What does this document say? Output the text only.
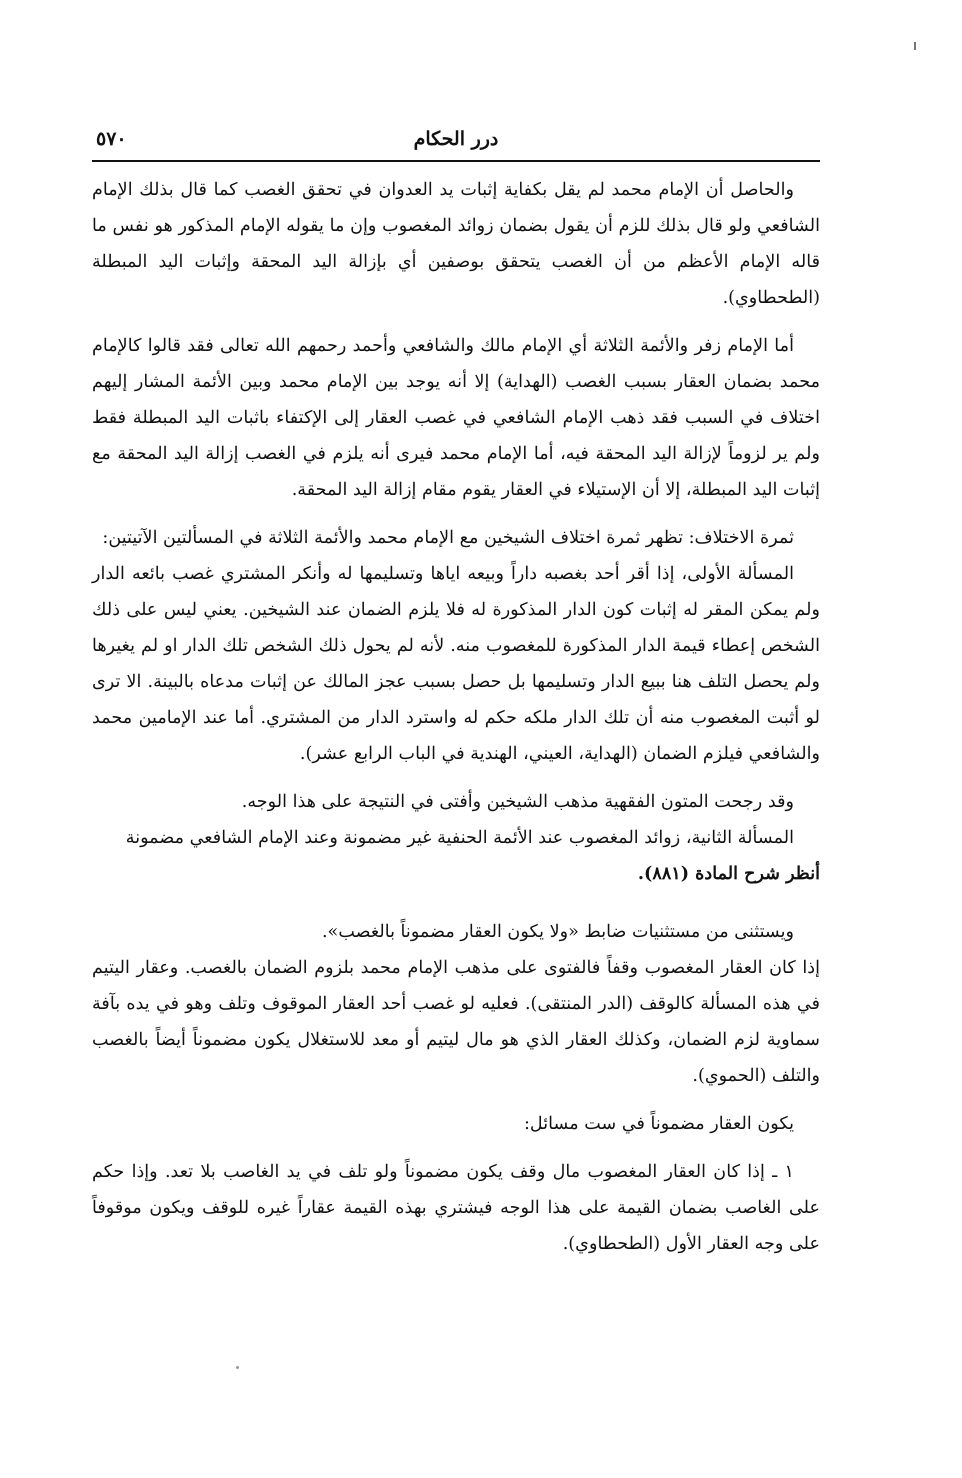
٥٧٠	درر الحكام

والحاصل أن الإمام محمد لم يقل بكفاية إثبات يد العدوان في تحقق الغصب كما قال بذلك الإمام الشافعي ولو قال بذلك للزم أن يقول بضمان زوائد المغصوب وإن ما يقوله الإمام المذكور هو نفس ما قاله الإمام الأعظم من أن الغصب يتحقق بوصفين أي بإزالة اليد المحقة وإثبات اليد المبطلة (الطحطاوي).

أما الإمام زفر والأئمة الثلاثة أي الإمام مالك والشافعي وأحمد رحمهم الله تعالى فقد قالوا كالإمام محمد بضمان العقار بسبب الغصب (الهداية) إلا أنه يوجد بين الإمام محمد وبين الأئمة المشار إليهم اختلاف في السبب فقد ذهب الإمام الشافعي في غصب العقار إلى الإكتفاء باثبات اليد المبطلة فقط ولم ير لزوماً لإزالة اليد المحقة فيه، أما الإمام محمد فيرى أنه يلزم في الغصب إزالة اليد المحقة مع إثبات اليد المبطلة، إلا أن الإستيلاء في العقار يقوم مقام إزالة اليد المحقة.

ثمرة الاختلاف: تظهر ثمرة اختلاف الشيخين مع الإمام محمد والأئمة الثلاثة في المسألتين الآتيتين:

المسألة الأولى، إذا أقر أحد بغصبه داراً وبيعه اياها وتسليمها له وأنكر المشتري غصب بائعه الدار ولم يمكن المقر له إثبات كون الدار المذكورة له فلا يلزم الضمان عند الشيخين. يعني ليس على ذلك الشخص إعطاء قيمة الدار المذكورة للمغصوب منه. لأنه لم يحول ذلك الشخص تلك الدار او لم يغيرها ولم يحصل التلف هنا ببيع الدار وتسليمها بل حصل بسبب عجز المالك عن إثبات مدعاه بالبينة. الا ترى لو أثبت المغصوب منه أن تلك الدار ملكه حكم له واسترد الدار من المشتري. أما عند الإمامين محمد والشافعي فيلزم الضمان (الهداية، العيني، الهندية في الباب الرابع عشر).

وقد رجحت المتون الفقهية مذهب الشيخين وأفتى في النتيجة على هذا الوجه.

المسألة الثانية، زوائد المغصوب عند الأئمة الحنفية غير مضمونة وعند الإمام الشافعي مضمونة

أنظر شرح المادة (٨٨١).

ويستثنى من مستثنيات ضابط «ولا يكون العقار مضموناً بالغصب».

إذا كان العقار المغصوب وقفاً فالفتوى على مذهب الإمام محمد بلزوم الضمان بالغصب. وعقار اليتيم في هذه المسألة كالوقف (الدر المنتقى). فعليه لو غصب أحد العقار الموقوف وتلف وهو في يده بآفة سماوية لزم الضمان، وكذلك العقار الذي هو مال ليتيم أو معد للاستغلال يكون مضموناً أيضاً بالغصب والتلف (الحموي).

يكون العقار مضموناً في ست مسائل:

١ ـ إذا كان العقار المغصوب مال وقف يكون مضموناً ولو تلف في يد الغاصب بلا تعد. وإذا حكم على الغاصب بضمان القيمة على هذا الوجه فيشتري بهذه القيمة عقاراً غيره للوقف ويكون موقوفاً على وجه العقار الأول (الطحطاوي).
